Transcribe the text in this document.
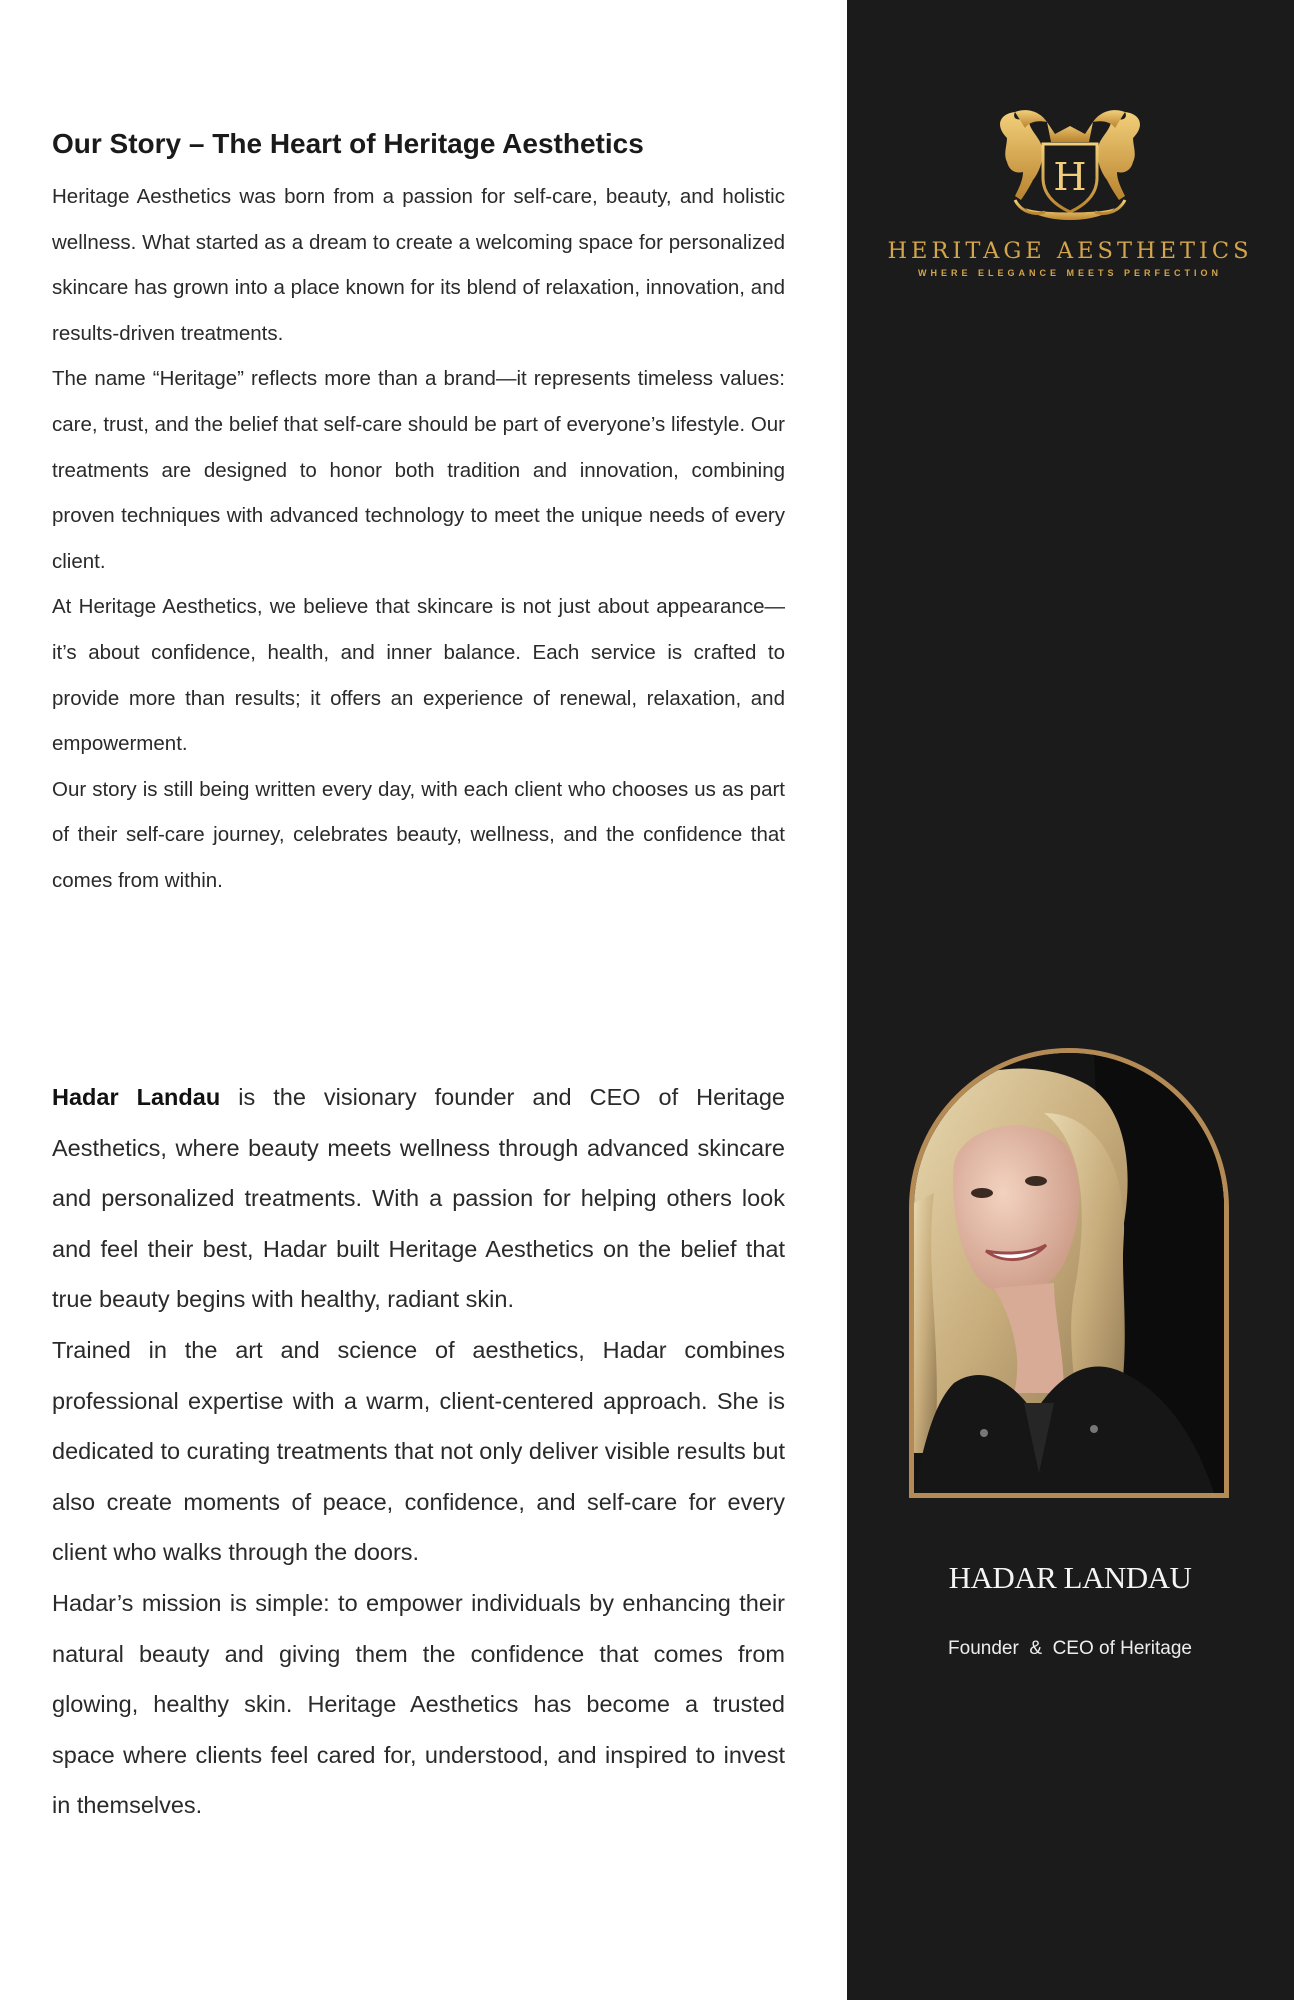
Our Story – The Heart of Heritage Aesthetics

Heritage Aesthetics was born from a passion for self-care, beauty, and holistic wellness. What started as a dream to create a welcoming space for personalized skincare has grown into a place known for its blend of relaxation, innovation, and results-driven treatments.

The name “Heritage” reflects more than a brand—it represents timeless values: care, trust, and the belief that self-care should be part of everyone’s lifestyle. Our treatments are designed to honor both tradition and innovation, combining proven techniques with advanced technology to meet the unique needs of every client.

At Heritage Aesthetics, we believe that skincare is not just about appearance—it’s about confidence, health, and inner balance. Each service is crafted to provide more than results; it offers an experience of renewal, relaxation, and empowerment.

Our story is still being written every day, with each client who chooses us as part of their self-care journey, celebrates beauty, wellness, and the confidence that comes from within.

Hadar Landau is the visionary founder and CEO of Heritage Aesthetics, where beauty meets wellness through advanced skincare and personalized treatments. With a passion for helping others look and feel their best, Hadar built Heritage Aesthetics on the belief that true beauty begins with healthy, radiant skin.

Trained in the art and science of aesthetics, Hadar combines professional expertise with a warm, client-centered approach. She is dedicated to curating treatments that not only deliver visible results but also create moments of peace, confidence, and self-care for every client who walks through the doors.

Hadar’s mission is simple: to empower individuals by enhancing their natural beauty and giving them the confidence that comes from glowing, healthy skin. Heritage Aesthetics has become a trusted space where clients feel cared for, understood, and inspired to invest in themselves.

H
HERITAGE AESTHETICS
WHERE ELEGANCE MEETS PERFECTION
HADAR LANDAU
Founder  &  CEO of Heritage
